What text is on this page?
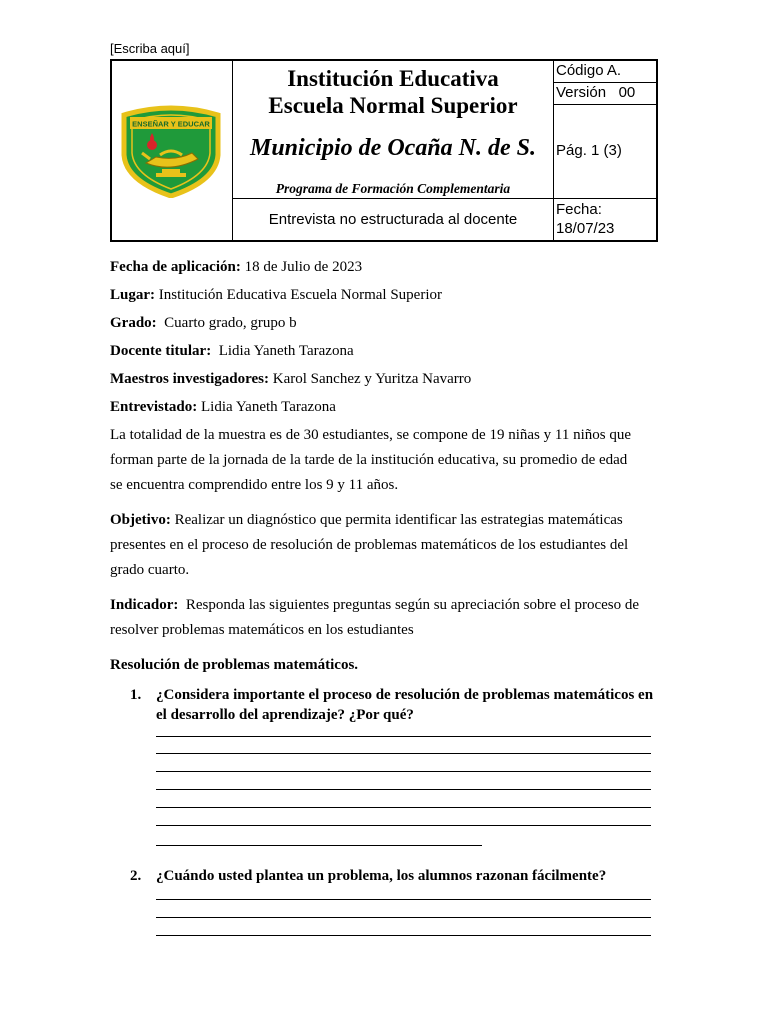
[Escriba aquí]
ENSEÑAR Y EDUCAR
Institución Educativa
Escuela Normal Superior
Municipio de Ocaña N. de S.
Programa de Formación Complementaria
Entrevista no estructurada al docente
Código A.
Versión 00
Pág. 1 (3)
Fecha:
18/07/23
Fecha de aplicación: 18 de Julio de 2023
Lugar: Institución Educativa Escuela Normal Superior
Grado:  Cuarto grado, grupo b
Docente titular:  Lidia Yaneth Tarazona
Maestros investigadores: Karol Sanchez y Yuritza Navarro
Entrevistado: Lidia Yaneth Tarazona
La totalidad de la muestra es de 30 estudiantes, se compone de 19 niñas y 11 niños que
forman parte de la jornada de la tarde de la institución educativa, su promedio de edad
se encuentra comprendido entre los 9 y 11 años.
Objetivo: Realizar un diagnóstico que permita identificar las estrategias matemáticas
presentes en el proceso de resolución de problemas matemáticos de los estudiantes del
grado cuarto.
Indicador:  Responda las siguientes preguntas según su apreciación sobre el proceso de
resolver problemas matemáticos en los estudiantes
Resolución de problemas matemáticos.
1. ¿Considera importante el proceso de resolución de problemas matemáticos en el desarrollo del aprendizaje? ¿Por qué?
2. ¿Cuándo usted plantea un problema, los alumnos razonan fácilmente?
